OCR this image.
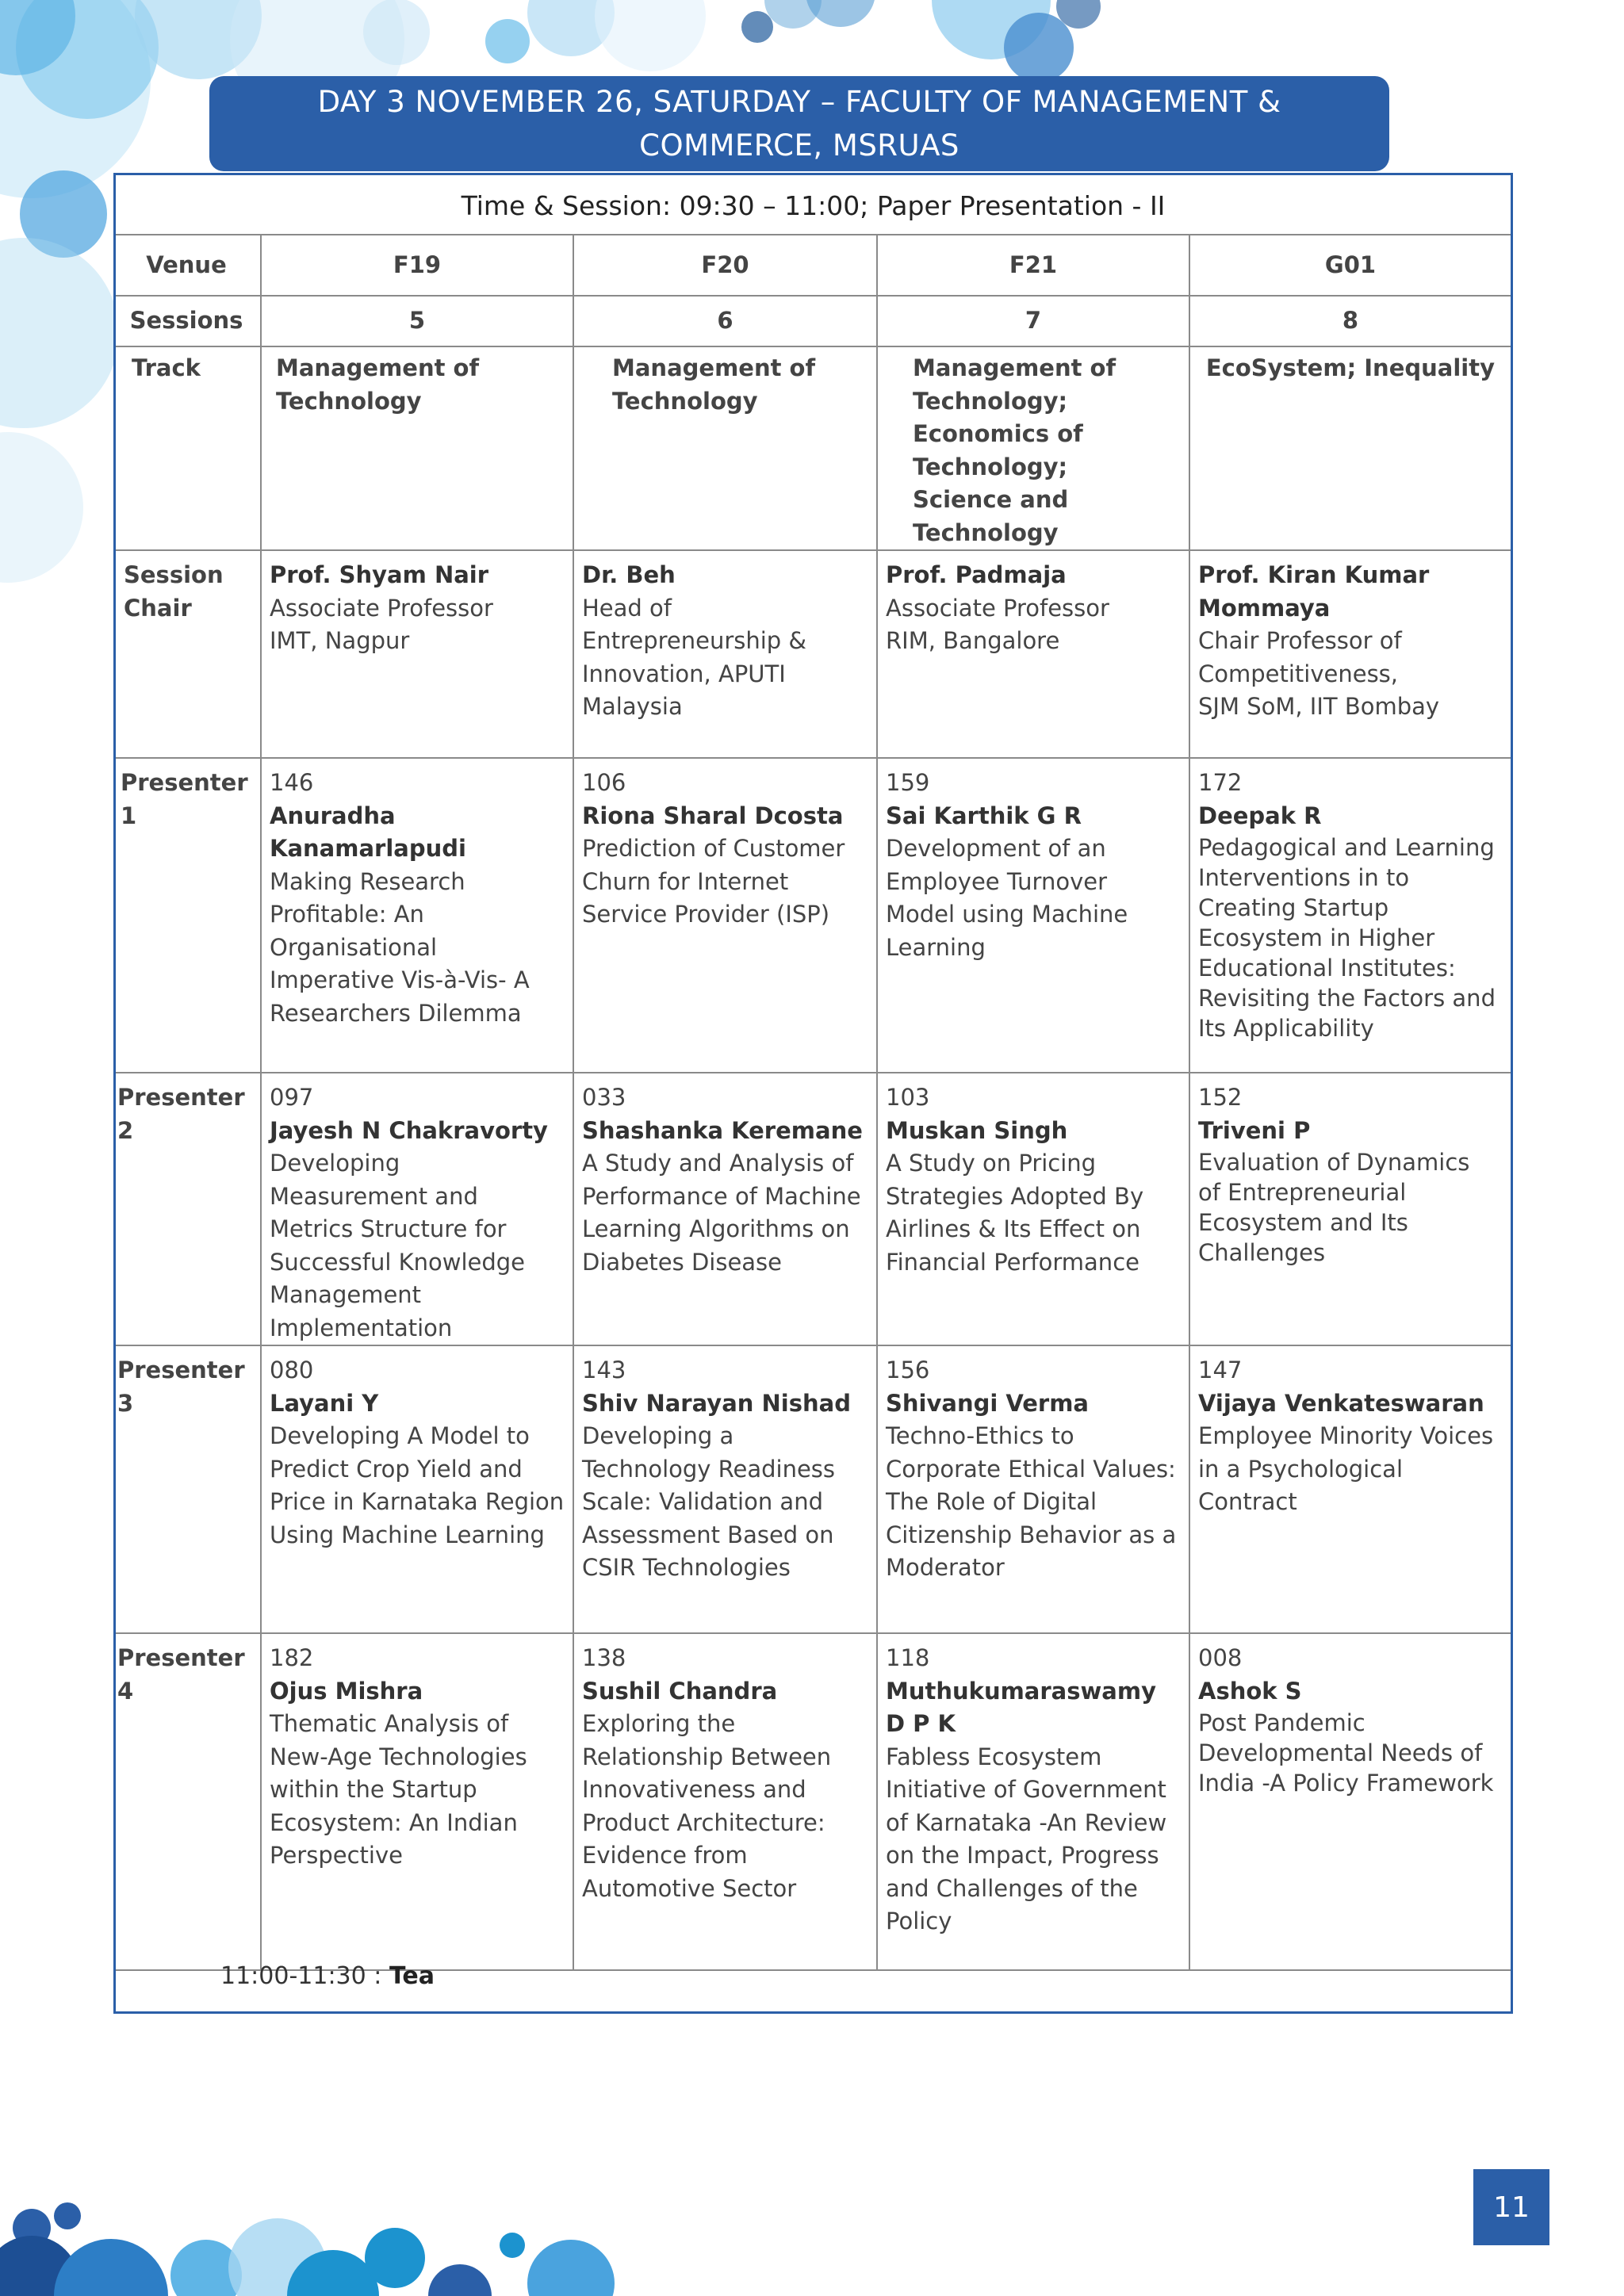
DAY 3 NOVEMBER 26, SATURDAY – FACULTY OF MANAGEMENT & COMMERCE, MSRUAS
Time & Session: 09:30 – 11:00; Paper Presentation - II
Venue	F19	F20	F21	G01
Sessions	5	6	7	8
Track	Management of Technology	Management of Technology	Management of Technology; Economics of Technology; Science and Technology	EcoSystem; Inequality
Session Chair	Prof. Shyam Nair
Associate Professor
IMT, Nagpur	Dr. Beh
Head of Entrepreneurship & Innovation, APUTI Malaysia	Prof. Padmaja
Associate Professor
RIM, Bangalore	Prof. Kiran Kumar Mommaya
Chair Professor of Competitiveness,
SJM SoM, IIT Bombay

Presenter 1	146
Anuradha Kanamarlapudi
Making Research Profitable: An Organisational Imperative Vis-à-Vis- A Researchers Dilemma	106
Riona Sharal Dcosta
Prediction of Customer Churn for Internet Service Provider (ISP)	159
Sai Karthik G R
Development of an Employee Turnover Model using Machine Learning	172
Deepak R
Pedagogical and Learning Interventions in to Creating Startup Ecosystem in Higher Educational Institutes: Revisiting the Factors and Its Applicability

Presenter 2	097
Jayesh N Chakravorty
Developing Measurement and Metrics Structure for Successful Knowledge Management Implementation	033
Shashanka Keremane
A Study and Analysis of Performance of Machine Learning Algorithms on Diabetes Disease	103
Muskan Singh
A Study on Pricing Strategies Adopted By Airlines & Its Effect on Financial Performance	152
Triveni P
Evaluation of Dynamics of Entrepreneurial Ecosystem and Its Challenges

Presenter 3	080
Layani Y
Developing A Model to Predict Crop Yield and Price in Karnataka Region Using Machine Learning	143
Shiv Narayan Nishad
Developing a Technology Readiness Scale: Validation and Assessment Based on CSIR Technologies	156
Shivangi Verma
Techno-Ethics to Corporate Ethical Values: The Role of Digital Citizenship Behavior as a Moderator	147
Vijaya Venkateswaran
Employee Minority Voices in a Psychological Contract

Presenter 4	182
Ojus Mishra
Thematic Analysis of New-Age Technologies within the Startup Ecosystem: An Indian Perspective	138
Sushil Chandra
Exploring the Relationship Between Innovativeness and Product Architecture: Evidence from Automotive Sector	118
Muthukumaraswamy D P K
Fabless Ecosystem Initiative of Government of Karnataka -An Review on the Impact, Progress and Challenges of the Policy	008
Ashok S
Post Pandemic Developmental Needs of India -A Policy Framework
11:00-11:30 : Tea
11
